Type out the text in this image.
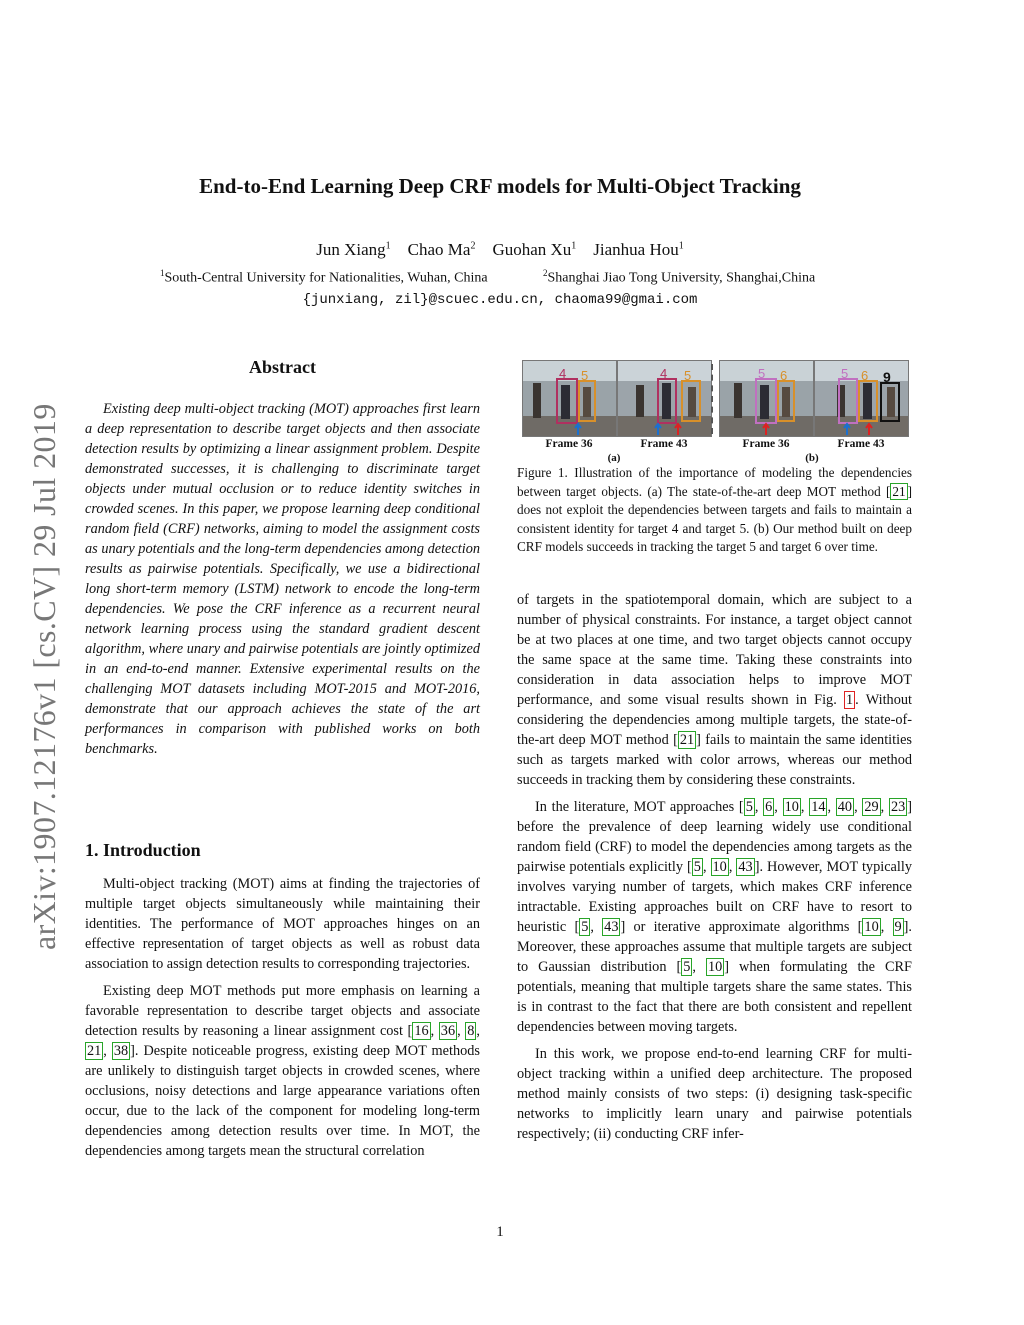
arXiv:1907.12176v1 [cs.CV] 29 Jul 2019
End-to-End Learning Deep CRF models for Multi-Object Tracking
Jun Xiang$^1$ Chao Ma$^2$ Guohan Xu$^1$ Jianhua Hou$^1$
$^1$South-Central University for Nationalities, Wuhan, China	$^2$Shanghai Jiao Tong University, Shanghai,China
{junxiang, zil}@scuec.edu.cn, chaoma99@gmai.com
Abstract

Existing deep multi-object tracking (MOT) approaches first learn a deep representation to describe target objects and then associate detection results by optimizing a linear assignment problem. Despite demonstrated successes, it is challenging to discriminate target objects under mutual occlusion or to reduce identity switches in crowded scenes. In this paper, we propose learning deep conditional random field (CRF) networks, aiming to model the assignment costs as unary potentials and the long-term dependencies among detection results as pairwise potentials. Specifically, we use a bidirectional long short-term memory (LSTM) network to encode the long-term dependencies. We pose the CRF inference as a recurrent neural network learning process using the standard gradient descent algorithm, where unary and pairwise potentials are jointly optimized in an end-to-end manner. Extensive experimental results on the challenging MOT datasets including MOT-2015 and MOT-2016, demonstrate that our approach achieves the state of the art performances in comparison with published works on both benchmarks.

1. Introduction

Multi-object tracking (MOT) aims at finding the trajectories of multiple target objects simultaneously while maintaining their identities. The performance of MOT approaches hinges on an effective representation of target objects as well as robust data association to assign detection results to corresponding trajectories.

Existing deep MOT methods put more emphasis on learning a favorable representation to describe target objects and associate detection results by reasoning a linear assignment cost [ 16 , 36 , 8 , 21 , 38 ]. Despite noticeable progress, existing deep MOT methods are unlikely to distinguish target objects in crowded scenes, where occlusions, noisy detections and large appearance variations often occur, due to the lack of the component for modeling long-term dependencies among detection results over time. In MOT, the dependencies among targets mean the structural correlation

4 5	4 5	5 6	5 6 9
Frame 36	Frame 43	Frame 36	Frame 43
(a)	(b)
Figure 1. Illustration of the importance of modeling the dependencies between target objects. (a) The state-of-the-art deep MOT method [ 21 ] does not exploit the dependencies between targets and fails to maintain a consistent identity for target 4 and target 5. (b) Our method built on deep CRF models succeeds in tracking the target 5 and target 6 over time.

of targets in the spatiotemporal domain, which are subject to a number of physical constraints. For instance, a target object cannot be at two places at one time, and two target objects cannot occupy the same space at the same time. Taking these constraints into consideration in data association helps to improve MOT performance, and some visual results shown in Fig. 1 . Without considering the dependencies among multiple targets, the state-of-the-art deep MOT method [ 21 ] fails to maintain the same identities such as targets marked with color arrows, whereas our method succeeds in tracking them by considering these constraints.

In the literature, MOT approaches [ 5 , 6 , 10 , 14 , 40 , 29 , 23 ] before the prevalence of deep learning widely use conditional random field (CRF) to model the dependencies among targets as the pairwise potentials explicitly [ 5 , 10 , 43 ]. However, MOT typically involves varying number of targets, which makes CRF inference intractable. Existing approaches built on CRF have to resort to heuristic [ 5 , 43 ] or iterative approximate algorithms [ 10 , 9 ]. Moreover, these approaches assume that multiple targets are subject to Gaussian distribution [ 5 , 10 ] when formulating the CRF potentials, meaning that multiple targets share the same states. This is in contrast to the fact that there are both consistent and repellent dependencies between moving targets.

In this work, we propose end-to-end learning CRF for multi-object tracking within a unified deep architecture. The proposed method mainly consists of two steps: (i) designing task-specific networks to implicitly learn unary and pairwise potentials respectively; (ii) conducting CRF infer-

1
